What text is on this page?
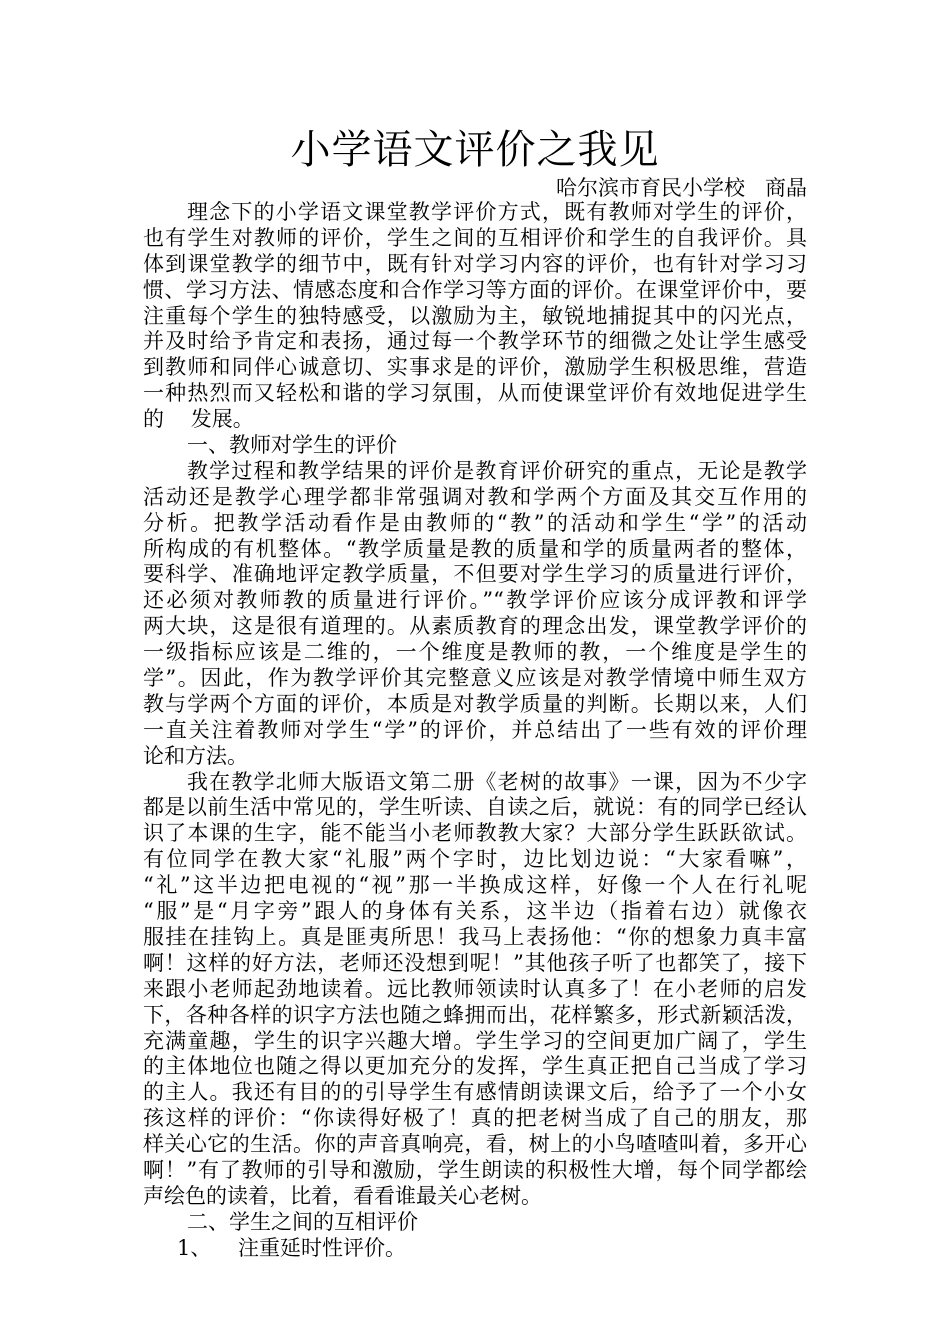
小学语文评价之我见

哈尔滨市育民小学校   商晶

理念下的小学语文课堂教学评价方式，既有教师对学生的评价，
也有学生对教师的评价，学生之间的互相评价和学生的自我评价。具
体到课堂教学的细节中，既有针对学习内容的评价，也有针对学习习
惯、学习方法、情感态度和合作学习等方面的评价。在课堂评价中，要
注重每个学生的独特感受，以激励为主，敏锐地捕捉其中的闪光点，
并及时给予肯定和表扬，通过每一个教学环节的细微之处让学生感受
到教师和同伴心诚意切、实事求是的评价，激励学生积极思维，营造
一种热烈而又轻松和谐的学习氛围，从而使课堂评价有效地促进学生
的    发展。
一、教师对学生的评价
教学过程和教学结果的评价是教育评价研究的重点，无论是教学
活动还是教学心理学都非常强调对教和学两个方面及其交互作用的
分析。把教学活动看作是由教师的“教”的活动和学生“学”的活动
所构成的有机整体。“教学质量是教的质量和学的质量两者的整体，
要科学、准确地评定教学质量，不但要对学生学习的质量进行评价，
还必须对教师教的质量进行评价。”“教学评价应该分成评教和评学
两大块，这是很有道理的。从素质教育的理念出发，课堂教学评价的
一级指标应该是二维的，一个维度是教师的教，一个维度是学生的
学”。因此，作为教学评价其完整意义应该是对教学情境中师生双方
教与学两个方面的评价，本质是对教学质量的判断。长期以来，人们
一直关注着教师对学生“学”的评价，并总结出了一些有效的评价理
论和方法。
我在教学北师大版语文第二册《老树的故事》一课，因为不少字
都是以前生活中常见的，学生听读、自读之后，就说：有的同学已经认
识了本课的生字，能不能当小老师教教大家？大部分学生跃跃欲试。
有位同学在教大家“礼服”两个字时，边比划边说：“大家看嘛”，
“礼”这半边把电视的“视”那一半换成这样，好像一个人在行礼呢
“服”是“月字旁”跟人的身体有关系，这半边（指着右边）就像衣
服挂在挂钩上。真是匪夷所思！我马上表扬他：“你的想象力真丰富
啊！这样的好方法，老师还没想到呢！”其他孩子听了也都笑了，接下
来跟小老师起劲地读着。远比教师领读时认真多了！在小老师的启发
下，各种各样的识字方法也随之蜂拥而出，花样繁多，形式新颖活泼，
充满童趣，学生的识字兴趣大增。学生学习的空间更加广阔了，学生
的主体地位也随之得以更加充分的发挥，学生真正把自己当成了学习
的主人。我还有目的的引导学生有感情朗读课文后，给予了一个小女
孩这样的评价：“你读得好极了！真的把老树当成了自己的朋友，那
样关心它的生活。你的声音真响亮，看，树上的小鸟喳喳叫着，多开心
啊！”有了教师的引导和激励，学生朗读的积极性大增，每个同学都绘
声绘色的读着，比着，看看谁最关心老树。
二、学生之间的互相评价
1、    注重延时性评价。
